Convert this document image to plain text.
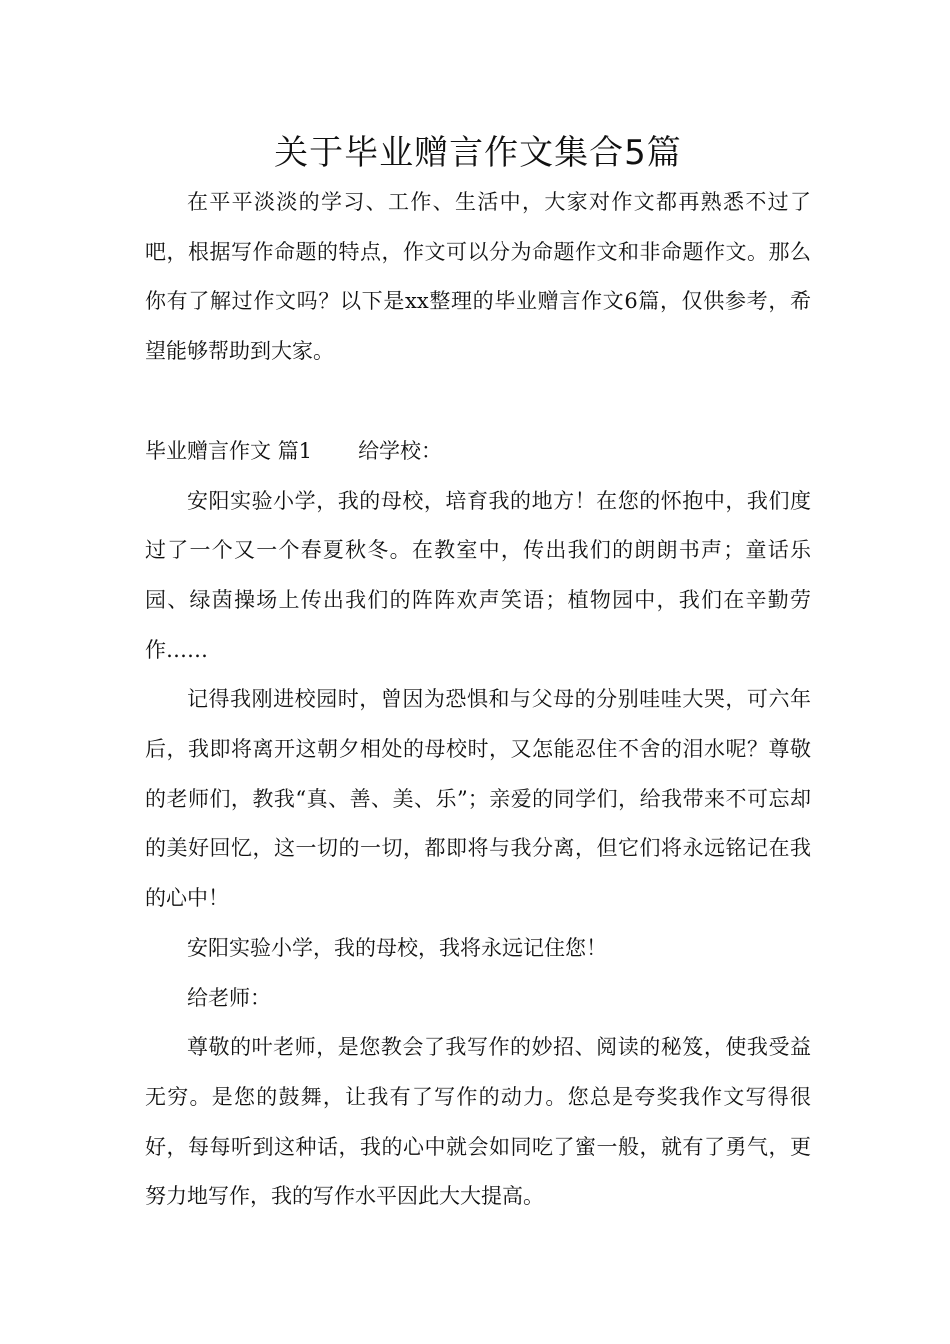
关于毕业赠言作文集合5篇

在平平淡淡的学习、工作、生活中，大家对作文都再熟悉不过了吧，根据写作命题的特点，作文可以分为命题作文和非命题作文。那么你有了解过作文吗？以下是xx整理的毕业赠言作文6篇，仅供参考，希望能够帮助到大家。

毕业赠言作文 篇1 给学校：

安阳实验小学，我的母校，培育我的地方！在您的怀抱中，我们度过了一个又一个春夏秋冬。在教室中，传出我们的朗朗书声；童话乐园、绿茵操场上传出我们的阵阵欢声笑语；植物园中，我们在辛勤劳作……

记得我刚进校园时，曾因为恐惧和与父母的分别哇哇大哭，可六年后，我即将离开这朝夕相处的母校时，又怎能忍住不舍的泪水呢？尊敬的老师们，教我“真、善、美、乐”；亲爱的同学们，给我带来不可忘却的美好回忆，这一切的一切，都即将与我分离，但它们将永远铭记在我的心中！

安阳实验小学，我的母校，我将永远记住您！

给老师：

尊敬的叶老师，是您教会了我写作的妙招、阅读的秘笈，使我受益无穷。是您的鼓舞，让我有了写作的动力。您总是夸奖我作文写得很好，每每听到这种话，我的心中就会如同吃了蜜一般，就有了勇气，更努力地写作，我的写作水平因此大大提高。
